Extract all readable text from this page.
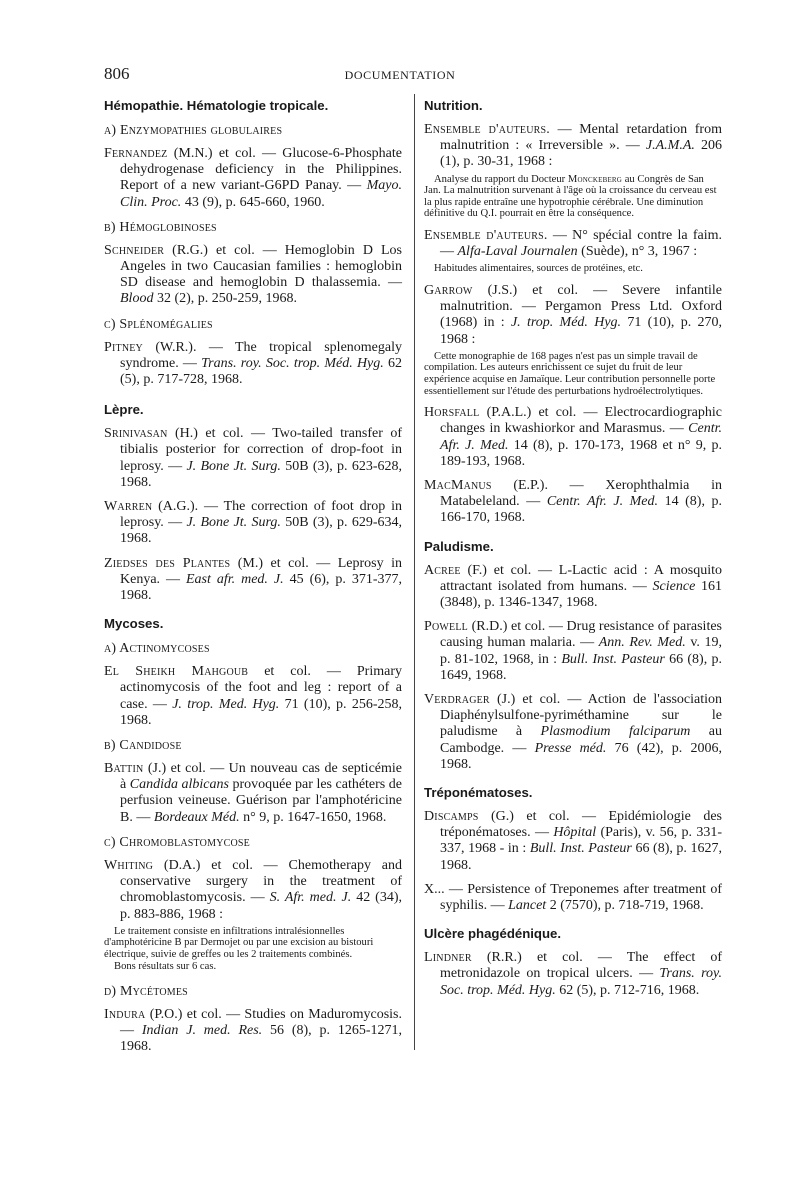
806	DOCUMENTATION
Hémopathie. Hématologie tropicale.
a) Enzymopathies globulaires

Fernandez (M.N.) et col. — Glucose-6-Phosphate dehydrogenase deficiency in the Philippines. Report of a new variant-G6PD Panay. — Mayo. Clin. Proc. 43 (9), p. 645-660, 1960.

b) Hémoglobinoses

Schneider (R.G.) et col. — Hemoglobin D Los Angeles in two Caucasian families : hemoglobin SD disease and hemoglobin D thalassemia. — Blood 32 (2), p. 250-259, 1968.

c) Splénomégalies

Pitney (W.R.). — The tropical splenomegaly syndrome. — Trans. roy. Soc. trop. Méd. Hyg. 62 (5), p. 717-728, 1968.

Lèpre.

Srinivasan (H.) et col. — Two-tailed transfer of tibialis posterior for correction of drop-foot in leprosy. — J. Bone Jt. Surg. 50B (3), p. 623-628, 1968.

Warren (A.G.). — The correction of foot drop in leprosy. — J. Bone Jt. Surg. 50B (3), p. 629-634, 1968.

Ziedses des Plantes (M.) et col. — Leprosy in Kenya. — East afr. med. J. 45 (6), p. 371-377, 1968.

Mycoses.
a) Actinomycoses

El Sheikh Mahgoub et col. — Primary actinomycosis of the foot and leg : report of a case. — J. trop. Med. Hyg. 71 (10), p. 256-258, 1968.

b) Candidose

Battin (J.) et col. — Un nouveau cas de septicémie à Candida albicans provoquée par les cathéters de perfusion veineuse. Guérison par l'amphotéricine B. — Bordeaux Méd. n° 9, p. 1647-1650, 1968.

c) Chromoblastomycose

Whiting (D.A.) et col. — Chemotherapy and conservative surgery in the treatment of chromoblastomycosis. — S. Afr. med. J. 42 (34), p. 883-886, 1968 :

Le traitement consiste en infiltrations intralésionnelles d'amphotéricine B par Dermojet ou par une excision au bistouri électrique, suivie de greffes ou les 2 traitements combinés.

Bons résultats sur 6 cas.

d) Mycétomes

Indura (P.O.) et col. — Studies on Maduromycosis. — Indian J. med. Res. 56 (8), p. 1265-1271, 1968.

Nutrition.

Ensemble d'auteurs. — Mental retardation from malnutrition : « Irreversible ». — J.A.M.A. 206 (1), p. 30-31, 1968 :

Analyse du rapport du Docteur Monckeberg au Congrès de San Jan. La malnutrition survenant à l'âge où la croissance du cerveau est la plus rapide entraîne une hypotrophie cérébrale. Une diminution définitive du Q.I. pourrait en être la conséquence.

Ensemble d'auteurs. — N° spécial contre la faim. — Alfa-Laval Journalen (Suède), n° 3, 1967 :

Habitudes alimentaires, sources de protéines, etc.

Garrow (J.S.) et col. — Severe infantile malnutrition. — Pergamon Press Ltd. Oxford (1968) in : J. trop. Méd. Hyg. 71 (10), p. 270, 1968 :

Cette monographie de 168 pages n'est pas un simple travail de compilation. Les auteurs enrichissent ce sujet du fruit de leur expérience acquise en Jamaïque. Leur contribution personnelle porte essentiellement sur l'étude des perturbations hydroélectrolytiques.

Horsfall (P.A.L.) et col. — Electrocardiographic changes in kwashiorkor and Marasmus. — Centr. Afr. J. Med. 14 (8), p. 170-173, 1968 et n° 9, p. 189-193, 1968.

MacManus (E.P.). — Xerophthalmia in Matabeleland. — Centr. Afr. J. Med. 14 (8), p. 166-170, 1968.

Paludisme.

Acree (F.) et col. — L-Lactic acid : A mosquito attractant isolated from humans. — Science 161 (3848), p. 1346-1347, 1968.

Powell (R.D.) et col. — Drug resistance of parasites causing human malaria. — Ann. Rev. Med. v. 19, p. 81-102, 1968, in : Bull. Inst. Pasteur 66 (8), p. 1649, 1968.

Verdrager (J.) et col. — Action de l'association Diaphénylsulfone-pyriméthamine sur le paludisme à Plasmodium falciparum au Cambodge. — Presse méd. 76 (42), p. 2006, 1968.

Tréponématoses.

Discamps (G.) et col. — Epidémiologie des tréponématoses. — Hôpital (Paris), v. 56, p. 331-337, 1968 - in : Bull. Inst. Pasteur 66 (8), p. 1627, 1968.

X... — Persistence of Treponemes after treatment of syphilis. — Lancet 2 (7570), p. 718-719, 1968.

Ulcère phagédénique.

Lindner (R.R.) et col. — The effect of metronidazole on tropical ulcers. — Trans. roy. Soc. trop. Méd. Hyg. 62 (5), p. 712-716, 1968.
